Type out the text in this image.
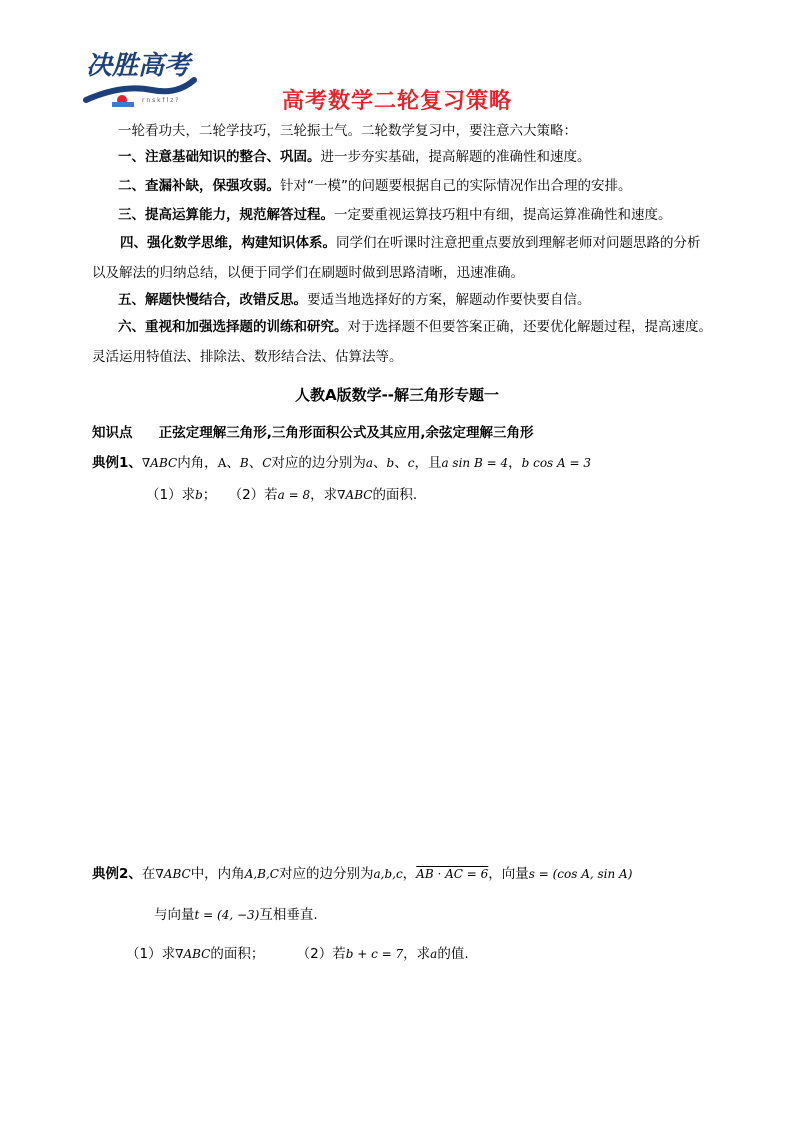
r n s k f l z ?
决胜高考
高考数学二轮复习策略
一轮看功夫，二轮学技巧，三轮振士气。二轮数学复习中，要注意六大策略：
一、注意基础知识的整合、巩固。进一步夯实基础，提高解题的准确性和速度。
二、查漏补缺，保强攻弱。针对“一模”的问题要根据自己的实际情况作出合理的安排。
三、提高运算能力，规范解答过程。一定要重视运算技巧粗中有细，提高运算准确性和速度。
四、强化数学思维，构建知识体系。同学们在听课时注意把重点要放到理解老师对问题思路的分析以及解法的归纳总结，以便于同学们在刷题时做到思路清晰，迅速准确。
五、解题快慢结合，改错反思。要适当地选择好的方案，解题动作要快要自信。
六、重视和加强选择题的训练和研究。对于选择题不但要答案正确，还要优化解题过程，提高速度。灵活运用特值法、排除法、数形结合法、估算法等。
人教A版数学--解三角形专题一
知识点 正弦定理解三角形,三角形面积公式及其应用,余弦定理解三角形
典例1、∇ABC内角，A、B、C对应的边分别为a、b、c，且a sin B = 4，b cos A = 3
（1）求b； （2）若a = 8，求∇ABC的面积.
典例2、在∇ABC中，内角A,B,C对应的边分别为a,b,c，AB · AC = 6，向量s = (cos A, sin A)
与向量t = (4, −3)互相垂直.
（1）求∇ABC的面积； （2）若b + c = 7，求a的值.
